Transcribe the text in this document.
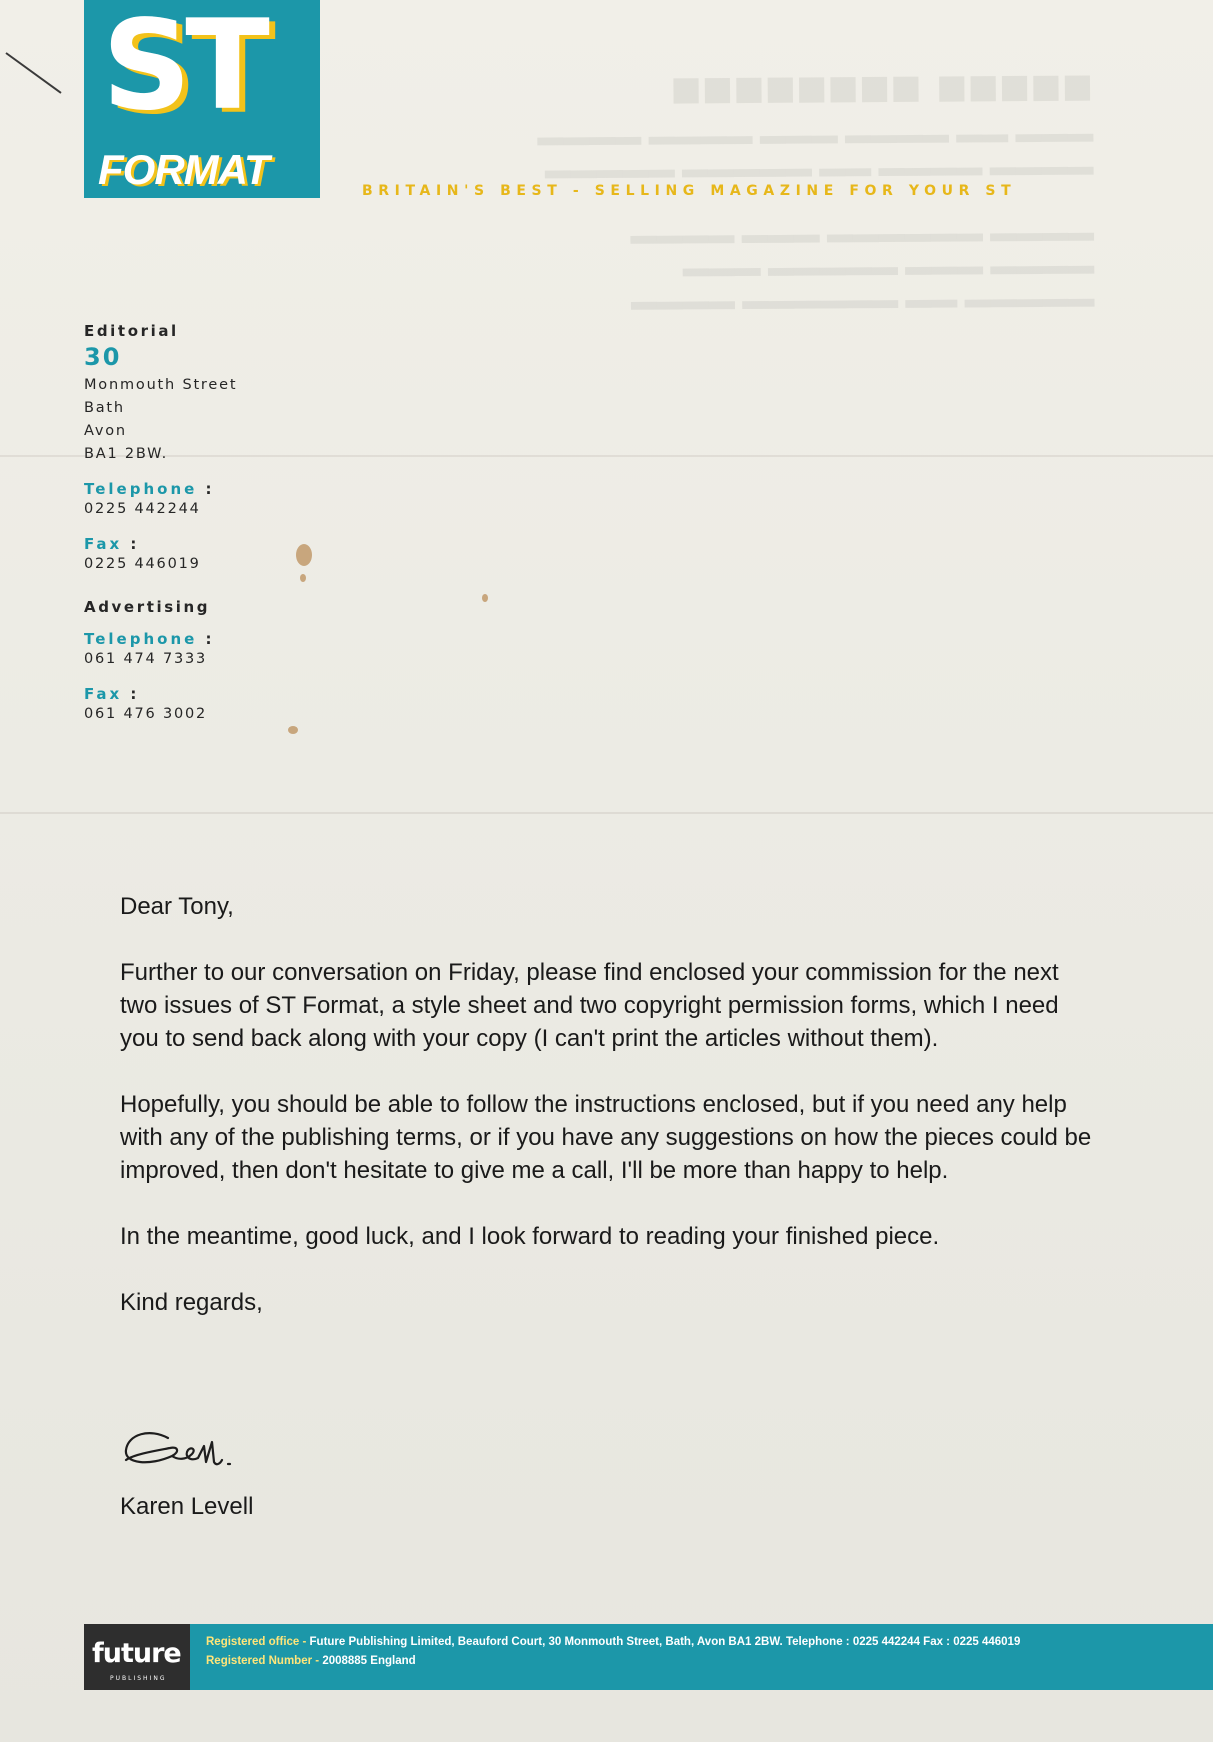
ST
FORMAT	BRITAIN'S BEST - SELLING MAGAZINE FOR YOUR ST
Editorial
30
Monmouth Street
Bath
Avon
BA1 2BW.
Telephone :
0225 442244
Fax :
0225 446019
Advertising
Telephone :
061 474 7333
Fax :
061 476 3002

Dear Tony,

Further to our conversation on Friday, please find enclosed your commission for the next two issues of ST Format, a style sheet and two copyright permission forms, which I need you to send back along with your copy (I can't print the articles without them).

Hopefully, you should be able to follow the instructions enclosed, but if you need any help with any of the publishing terms, or if you have any suggestions on how the pieces could be improved, then don't hesitate to give me a call, I'll be more than happy to help.

In the meantime, good luck, and I look forward to reading your finished piece.

Kind regards,

Karen Levell
future
PUBLISHING
Registered office - Future Publishing Limited, Beauford Court, 30 Monmouth Street, Bath, Avon BA1 2BW. Telephone : 0225 442244 Fax : 0225 446019
Registered Number - 2008885 England
